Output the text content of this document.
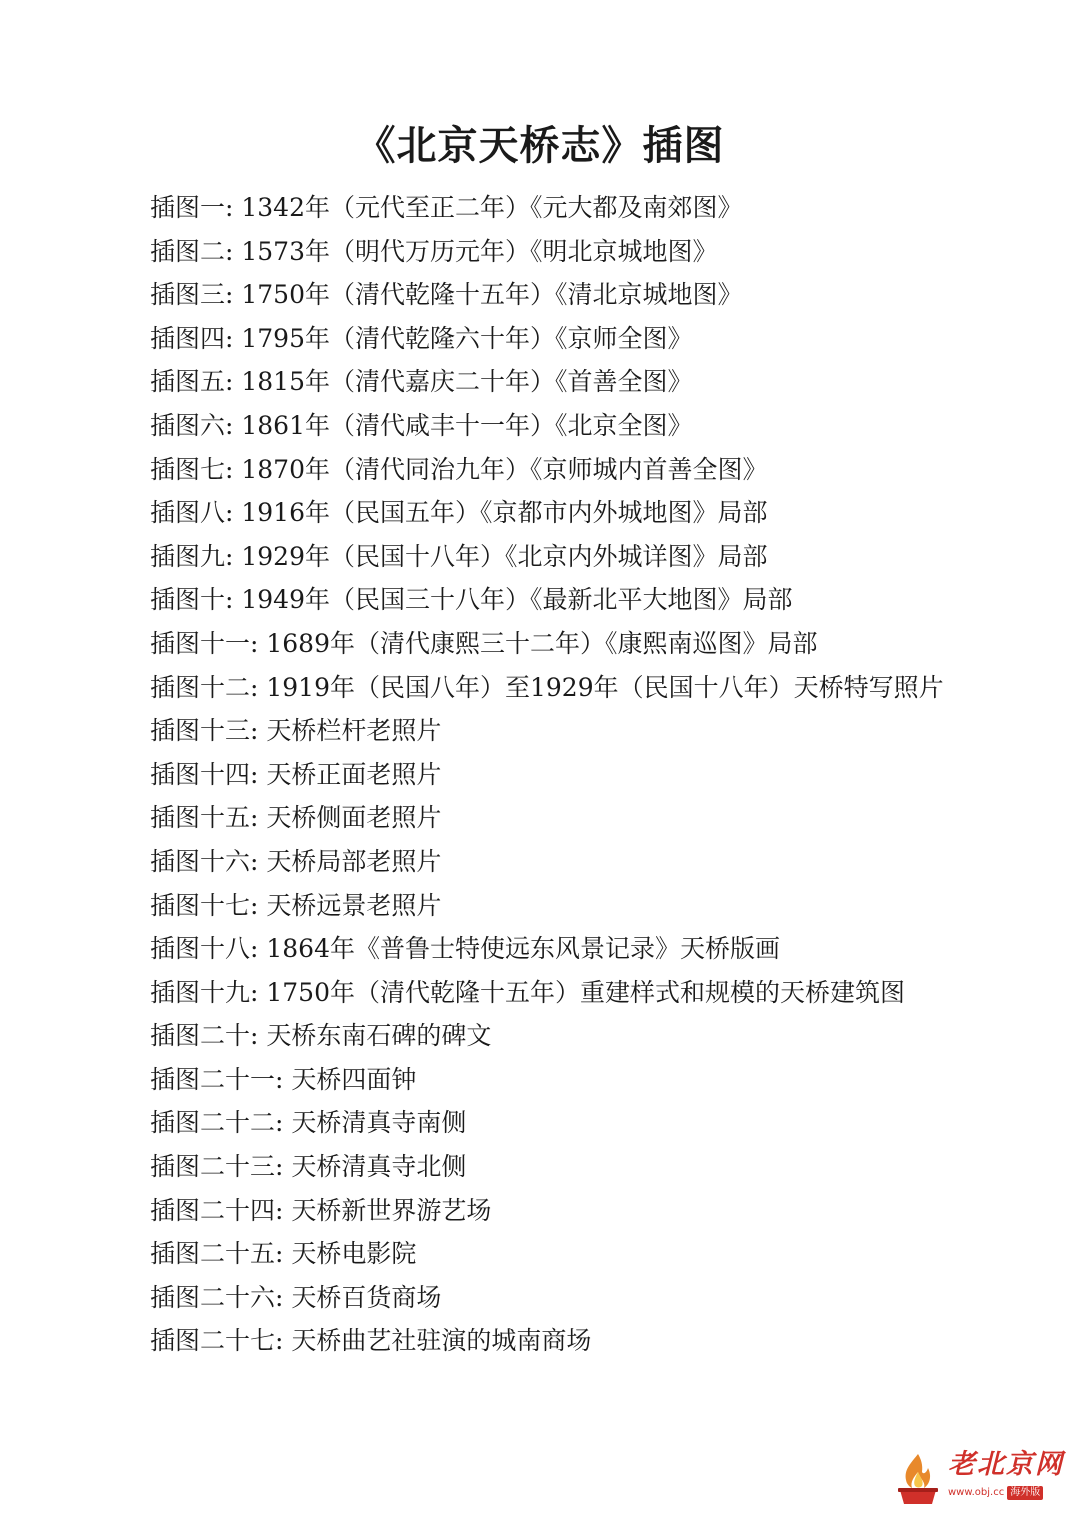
《北京天桥志》插图
插图一: 1342年（元代至正二年）《元大都及南郊图》
插图二: 1573年（明代万历元年）《明北京城地图》
插图三: 1750年（清代乾隆十五年）《清北京城地图》
插图四: 1795年（清代乾隆六十年）《京师全图》
插图五: 1815年（清代嘉庆二十年）《首善全图》
插图六: 1861年（清代咸丰十一年）《北京全图》
插图七: 1870年（清代同治九年）《京师城内首善全图》
插图八: 1916年（民国五年）《京都市内外城地图》局部
插图九: 1929年（民国十八年）《北京内外城详图》局部
插图十: 1949年（民国三十八年）《最新北平大地图》局部
插图十一: 1689年（清代康熙三十二年）《康熙南巡图》局部
插图十二: 1919年（民国八年）至1929年（民国十八年）天桥特写照片
插图十三: 天桥栏杆老照片
插图十四: 天桥正面老照片
插图十五: 天桥侧面老照片
插图十六: 天桥局部老照片
插图十七: 天桥远景老照片
插图十八: 1864年《普鲁士特使远东风景记录》天桥版画
插图十九: 1750年（清代乾隆十五年）重建样式和规模的天桥建筑图
插图二十: 天桥东南石碑的碑文
插图二十一: 天桥四面钟
插图二十二: 天桥清真寺南侧
插图二十三: 天桥清真寺北侧
插图二十四: 天桥新世界游艺场
插图二十五: 天桥电影院
插图二十六: 天桥百货商场
插图二十七: 天桥曲艺社驻演的城南商场
老北京网
www.obj.cc 海外版
